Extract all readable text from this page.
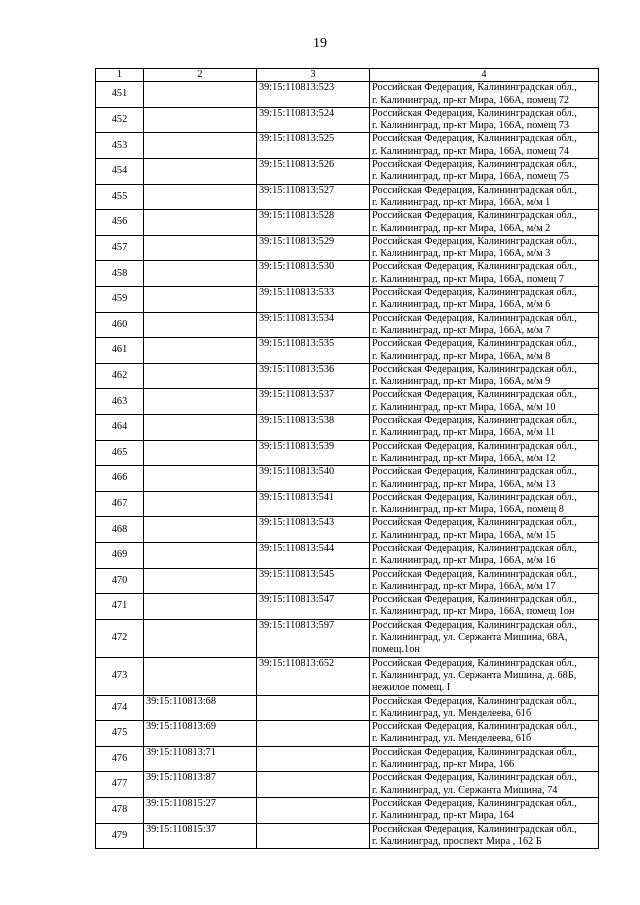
19
1	2	3	4
451		39:15:110813:523	Российская Федерация, Калининградская обл.,
г. Калининград, пр-кт Мира, 166А, помещ 72
452		39:15:110813:524	Российская Федерация, Калининградская обл.,
г. Калининград, пр-кт Мира, 166А, помещ 73
453		39:15:110813:525	Российская Федерация, Калининградская обл.,
г. Калининград, пр-кт Мира, 166А, помещ 74
454		39:15:110813:526	Российская Федерация, Калининградская обл.,
г. Калининград, пр-кт Мира, 166А, помещ 75
455		39:15:110813:527	Российская Федерация, Калининградская обл.,
г. Калининград, пр-кт Мира, 166А, м/м 1
456		39:15:110813:528	Российская Федерация, Калининградская обл.,
г. Калининград, пр-кт Мира, 166А, м/м 2
457		39:15:110813:529	Российская Федерация, Калининградская обл.,
г. Калининград, пр-кт Мира, 166А, м/м 3
458		39:15:110813:530	Российская Федерация, Калининградская обл.,
г. Калининград, пр-кт Мира, 166А, помещ 7
459		39:15:110813:533	Российская Федерация, Калининградская обл.,
г. Калининград, пр-кт Мира, 166А, м/м 6
460		39:15:110813:534	Российская Федерация, Калининградская обл.,
г. Калининград, пр-кт Мира, 166А, м/м 7
461		39:15:110813:535	Российская Федерация, Калининградская обл.,
г. Калининград, пр-кт Мира, 166А, м/м 8
462		39:15:110813:536	Российская Федерация, Калининградская обл.,
г. Калининград, пр-кт Мира, 166А, м/м 9
463		39:15:110813:537	Российская Федерация, Калининградская обл.,
г. Калининград, пр-кт Мира, 166А, м/м 10
464		39:15:110813:538	Российская Федерация, Калининградская обл.,
г. Калининград, пр-кт Мира, 166А, м/м 11
465		39:15:110813:539	Российская Федерация, Калининградская обл.,
г. Калининград, пр-кт Мира, 166А, м/м 12
466		39:15:110813:540	Российская Федерация, Калининградская обл.,
г. Калининград, пр-кт Мира, 166А, м/м 13
467		39:15:110813:541	Российская Федерация, Калининградская обл.,
г. Калининград, пр-кт Мира, 166А, помещ 8
468		39:15:110813:543	Российская Федерация, Калининградская обл.,
г. Калининград, пр-кт Мира, 166А, м/м 15
469		39:15:110813:544	Российская Федерация, Калининградская обл.,
г. Калининград, пр-кт Мира, 166А, м/м 16
470		39:15:110813:545	Российская Федерация, Калининградская обл.,
г. Калининград, пр-кт Мира, 166А, м/м 17
471		39:15:110813:547	Российская Федерация, Калининградская обл.,
г. Калининград, пр-кт Мира, 166А, помещ 1он
472		39:15:110813:597	Российская Федерация, Калининградская обл.,
г. Калининград, ул. Сержанта Мишина, 68А,
помещ.1он
473		39:15:110813:652	Российская Федерация, Калининградская обл.,
г. Калининград, ул. Сержанта Мишина, д. 68Б,
нежилое помещ. I
474	39:15:110813:68		Российская Федерация, Калининградская обл.,
г. Калининград, ул. Менделеева, 61б
475	39:15:110813:69		Российская Федерация, Калининградская обл.,
г. Калининград, ул. Менделеева, 61б
476	39:15:110813:71		Российская Федерация, Калининградская обл.,
г. Калининград, пр-кт Мира, 166
477	39:15:110813:87		Российская Федерация, Калининградская обл.,
г. Калининград, ул. Сержанта Мишина, 74
478	39:15:110815:27		Российская Федерация, Калининградская обл.,
г. Калининград, пр-кт Мира, 164
479	39:15:110815:37		Российская Федерация, Калининградская обл.,
г. Калининград, проспект Мира , 162 Б
